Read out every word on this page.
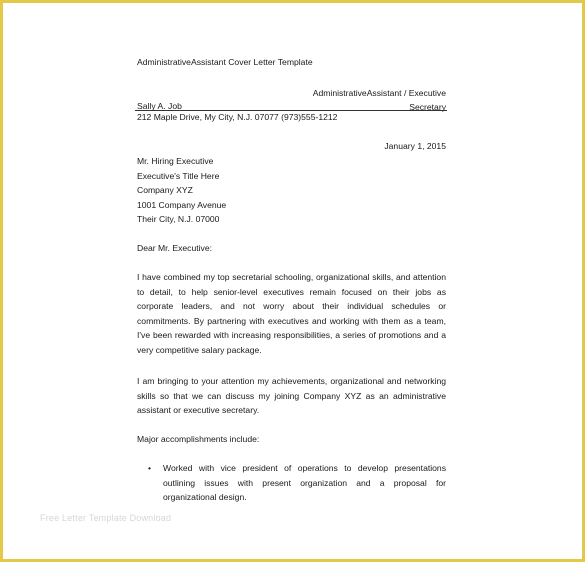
AdministrativeAssistant Cover Letter Template
AdministrativeAssistant / Executive Secretary
Sally A. Job
212 Maple Drive, My City, N.J. 07077 (973)555-1212
January 1, 2015
Mr. Hiring Executive
Executive's Title Here
Company XYZ
1001 Company Avenue
Their City, N.J. 07000
Dear Mr. Executive:
I have combined my top secretarial schooling, organizational skills, and attention to detail, to help senior-level executives remain focused on their jobs as corporate leaders, and not worry about their individual schedules or commitments. By partnering with executives and working with them as a team, I've been rewarded with increasing responsibilities, a series of promotions and a very competitive salary package.
I am bringing to your attention my achievements, organizational and networking skills so that we can discuss my joining Company XYZ as an administrative assistant or executive secretary.
Major accomplishments include:
• Worked with vice president of operations to develop presentations outlining issues with present organization and a proposal for organizational design.
Free Letter Template Download
